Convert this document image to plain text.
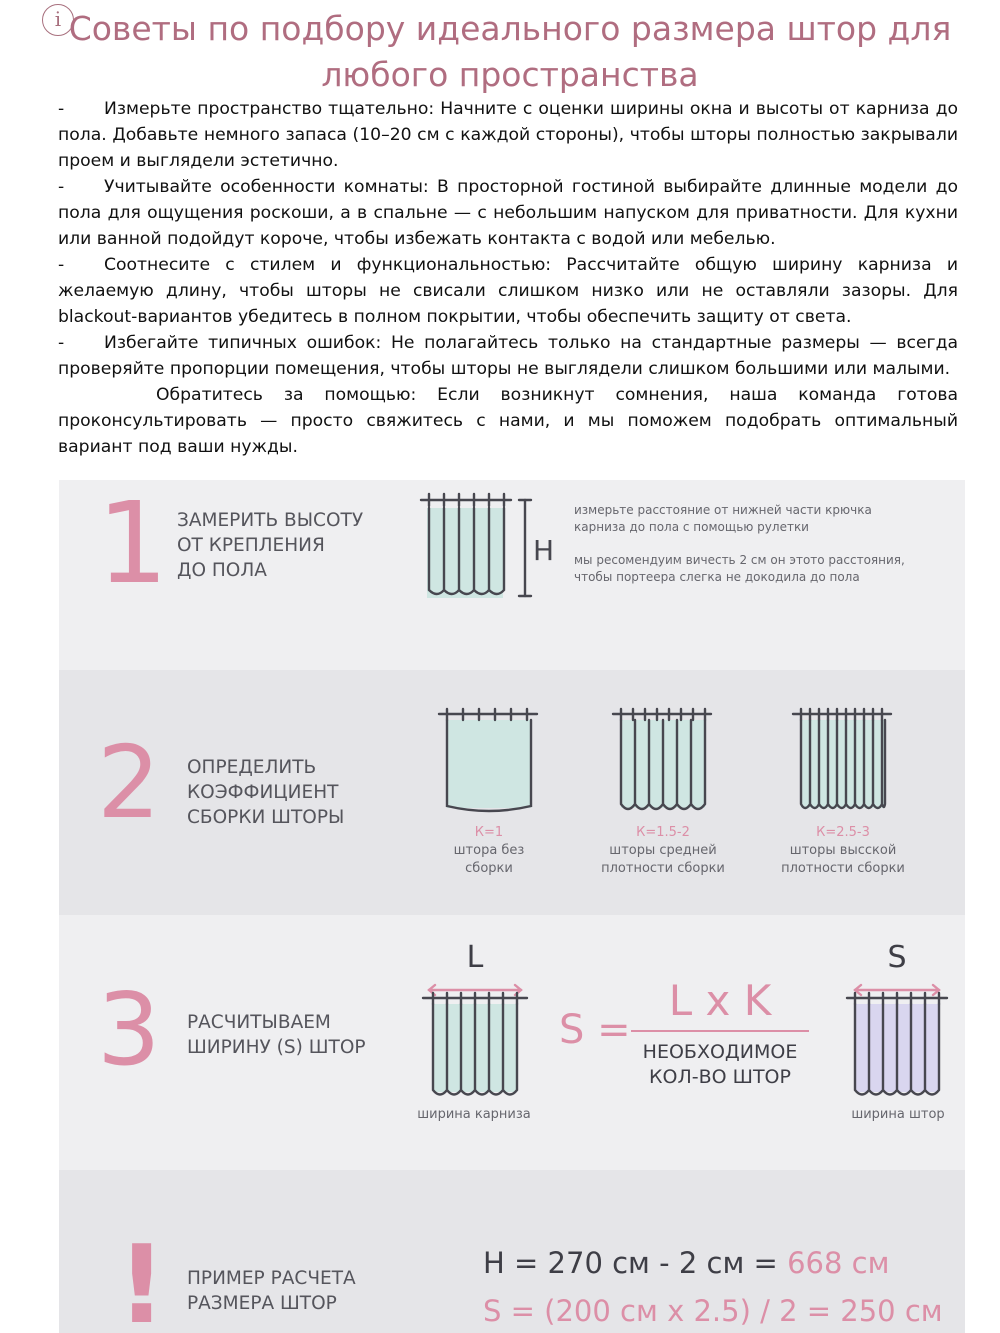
i Советы по подбору идеального размера штор для
любого пространства

- Измерьте пространство тщательно: Начните с оценки ширины окна и высоты от карниза до пола. Добавьте немного запаса (10–20 см с каждой стороны), чтобы шторы полностью закрывали проем и выглядели эстетично.

- Учитывайте особенности комнаты: В просторной гостиной выбирайте длинные модели до пола для ощущения роскоши, а в спальне — с небольшим напуском для приватности. Для кухни или ванной подойдут короче, чтобы избежать контакта с водой или мебелью.

- Соотнесите с стилем и функциональностью: Рассчитайте общую ширину карниза и желаемую длину, чтобы шторы не свисали слишком низко или не оставляли зазоры. Для blackout-вариантов убедитесь в полном покрытии, чтобы обеспечить защиту от света.

- Избегайте типичных ошибок: Не полагайтесь только на стандартные размеры — всегда проверяйте пропорции помещения, чтобы шторы не выглядели слишком большими или малыми.

Обратитесь за помощью: Если возникнут сомнения, наша команда готова проконсультировать — просто свяжитесь с нами, и мы поможем подобрать оптимальный вариант под ваши нужды.

1 ЗАМЕРИТЬ ВЫСОТУ
ОТ КРЕПЛЕНИЯ
ДО ПОЛА
H
измерьте расстояние от нижней части крючка
карниза до пола с помощью рулетки
мы ресомендуим вичесть 2 см он этото расстояния,
чтобы портеера слегка не докодила до пола
2 ОПРЕДЕЛИТЬ
КОЭФФИЦИЕНТ
СБОРКИ ШТОРЫ
К=1
штора без
сборки
К=1.5-2
шторы средней
плотности сборки
К=2.5-3
шторы высской
плотности сборки
3 РАСЧИТЫВАЕМ
ШИРИНУ (S) ШТОР
L
ширина карниза
S =
L x K
НЕОБХОДИМОЕ
КОЛ-ВО ШТОР
S
ширина штор
! ПРИМЕР РАСЧЕТА
РАЗМЕРА ШТОР
H = 270 см - 2 см = 668 см
S = (200 см x 2.5) / 2 = 250 см
